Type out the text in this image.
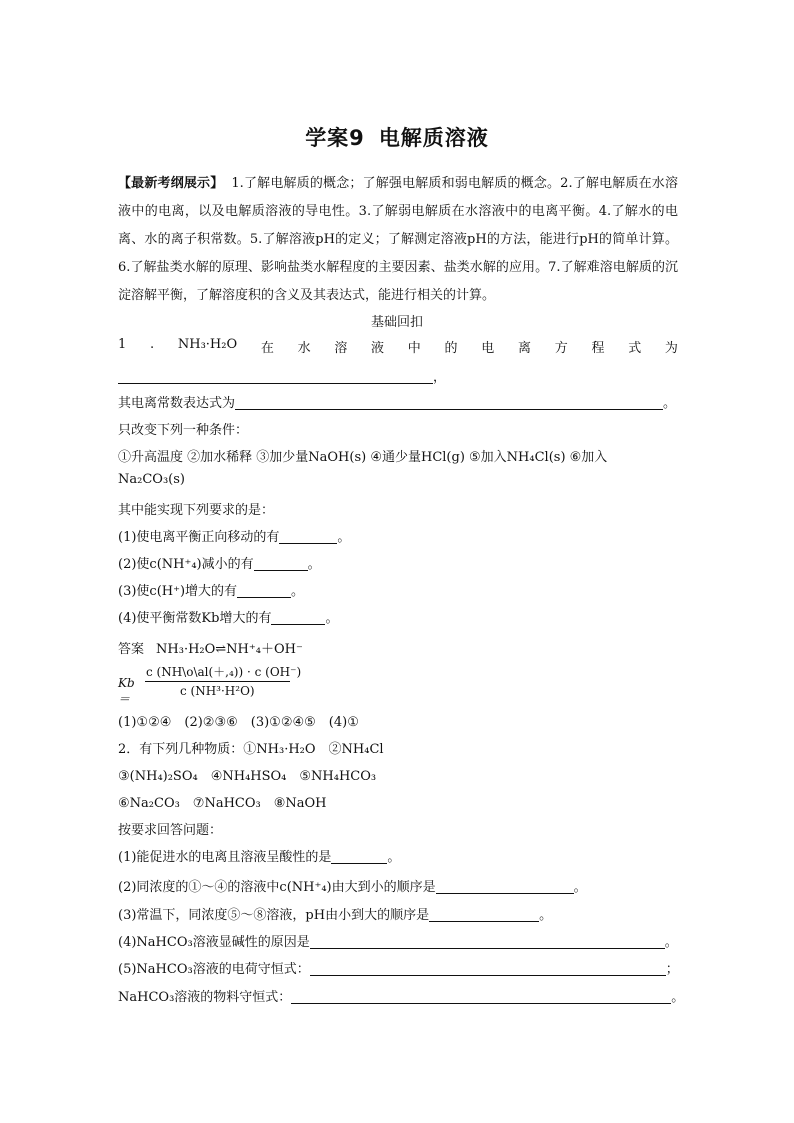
学案9 电解质溶液
【最新考纲展示】 1.了解电解质的概念；了解强电解质和弱电解质的概念。2.了解电解质在水溶液中的电离，以及电解质溶液的导电性。3.了解弱电解质在水溶液中的电离平衡。4.了解水的电离、水的离子积常数。5.了解溶液pH的定义；了解测定溶液pH的方法，能进行pH的简单计算。6.了解盐类水解的原理、影响盐类水解程度的主要因素、盐类水解的应用。7.了解难溶电解质的沉淀溶解平衡，了解溶度积的含义及其表达式，能进行相关的计算。
基础回扣
1 . NH₃·H₂O 在 水 溶 液 中 的 电 离 方 程 式 为
，
其电离常数表达式为	。
只改变下列一种条件：
①升高温度 ②加水稀释 ③加少量NaOH(s) ④通少量HCl(g) ⑤加入NH₄Cl(s) ⑥加入
Na₂CO₃(s)
其中能实现下列要求的是：
(1)使电离平衡正向移动的有	。
(2)使c(NH⁺₄)减小的有	。
(3)使c(H⁺)增大的有	。
(4)使平衡常数Kb增大的有	。
答案 NH₃·H₂O⇌NH⁺₄＋OH⁻
Kb＝
c (NH\o\al(＋,₄)) · c (OH⁻)
c (NH³·H²O)
(1)①②④　(2)②③⑥　(3)①②④⑤　(4)①
2．有下列几种物质：①NH₃·H₂O　②NH₄Cl
③(NH₄)₂SO₄　④NH₄HSO₄　⑤NH₄HCO₃
⑥Na₂CO₃　⑦NaHCO₃　⑧NaOH
按要求回答问题：
(1)能促进水的电离且溶液呈酸性的是	。
(2)同浓度的①～④的溶液中c(NH⁺₄)由大到小的顺序是	。
(3)常温下，同浓度⑤～⑧溶液，pH由小到大的顺序是	。
(4)NaHCO₃溶液显碱性的原因是	。
(5)NaHCO₃溶液的电荷守恒式：	；
NaHCO₃溶液的物料守恒式：	。
